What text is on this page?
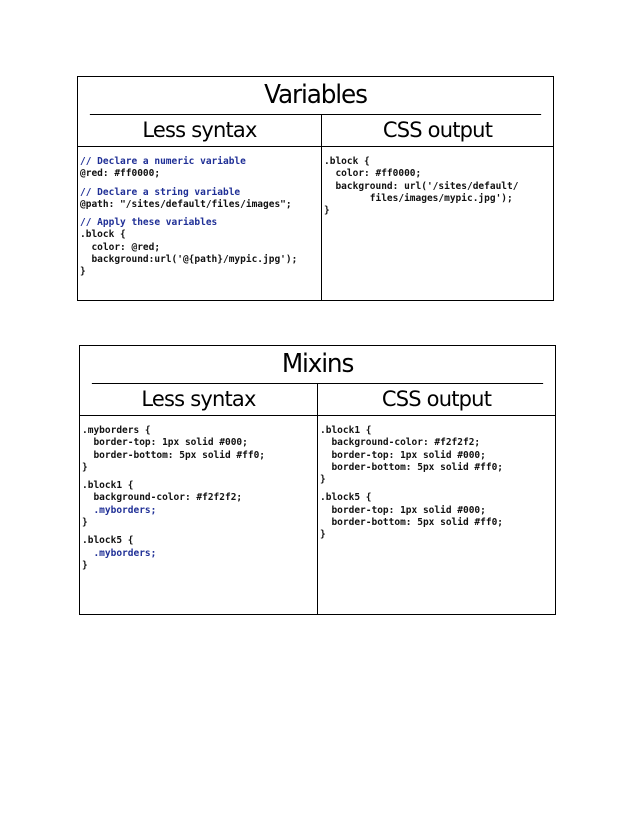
Variables
Less syntax	CSS output
// Declare a numeric variable
@red: #ff0000;
// Declare a string variable
@path: "/sites/default/files/images";
// Apply these variables
.block {
color: @red;
background:url('@{path}/mypic.jpg');
}
.block {
color: #ff0000;
background: url('/sites/default/
files/images/mypic.jpg');
}
Mixins
Less syntax	CSS output
.myborders {
border-top: 1px solid #000;
border-bottom: 5px solid #ff0;
}
.block1 {
background-color: #f2f2f2;
.myborders;
}
.block5 {
.myborders;
}
.block1 {
background-color: #f2f2f2;
border-top: 1px solid #000;
border-bottom: 5px solid #ff0;
}
.block5 {
border-top: 1px solid #000;
border-bottom: 5px solid #ff0;
}
